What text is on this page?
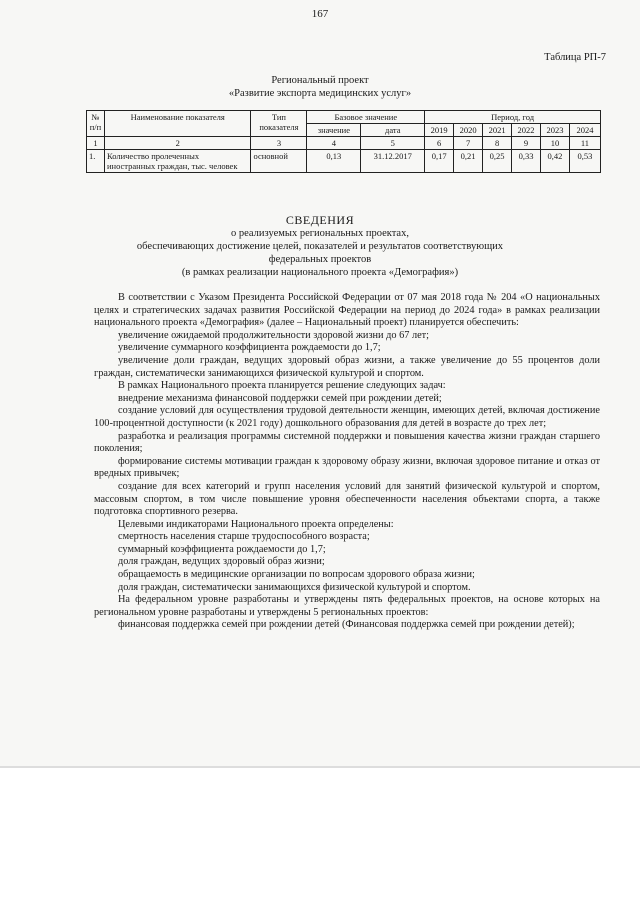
167
Таблица РП-7
Региональный проект
«Развитие экспорта медицинских услуг»
№ п/п	Наименование показателя	Тип показателя	Базовое значение		Период, год					
			значение	дата	2019	2020	2021	2022	2023	2024
1	2	3	4	5	6	7	8	9	10	11
1.	Количество пролеченных иностранных граждан, тыс. человек	основной	0,13	31.12.2017	0,17	0,21	0,25	0,33	0,42	0,53
СВЕДЕНИЯ
о реализуемых региональных проектах,
обеспечивающих достижение целей, показателей и результатов соответствующих
федеральных проектов
(в рамках реализации национального проекта «Демография»)

В соответствии с Указом Президента Российской Федерации от 07 мая 2018 года № 204 «О национальных целях и стратегических задачах развития Российской Федерации на период до 2024 года» в рамках реализации национального проекта «Демография» (далее – Национальный проект) планируется обеспечить:

увеличение ожидаемой продолжительности здоровой жизни до 67 лет;

увеличение суммарного коэффициента рождаемости до 1,7;

увеличение доли граждан, ведущих здоровый образ жизни, а также увеличение до 55 процентов доли граждан, систематически занимающихся физической культурой и спортом.

В рамках Национального проекта планируется решение следующих задач:

внедрение механизма финансовой поддержки семей при рождении детей;

создание условий для осуществления трудовой деятельности женщин, имеющих детей, включая достижение 100-процентной доступности (к 2021 году) дошкольного образования для детей в возрасте до трех лет;

разработка и реализация программы системной поддержки и повышения качества жизни граждан старшего поколения;

формирование системы мотивации граждан к здоровому образу жизни, включая здоровое питание и отказ от вредных привычек;

создание для всех категорий и групп населения условий для занятий физической культурой и спортом, массовым спортом, в том числе повышение уровня обеспеченности населения объектами спорта, а также подготовка спортивного резерва.

Целевыми индикаторами Национального проекта определены:

смертность населения старше трудоспособного возраста;

суммарный коэффициента рождаемости до 1,7;

доля граждан, ведущих здоровый образ жизни;

обращаемость в медицинские организации по вопросам здорового образа жизни;

доля граждан, систематически занимающихся физической культурой и спортом.

На федеральном уровне разработаны и утверждены пять федеральных проектов, на основе которых на региональном уровне разработаны и утверждены 5 региональных проектов:

финансовая поддержка семей при рождении детей (Финансовая поддержка семей при рождении детей);
